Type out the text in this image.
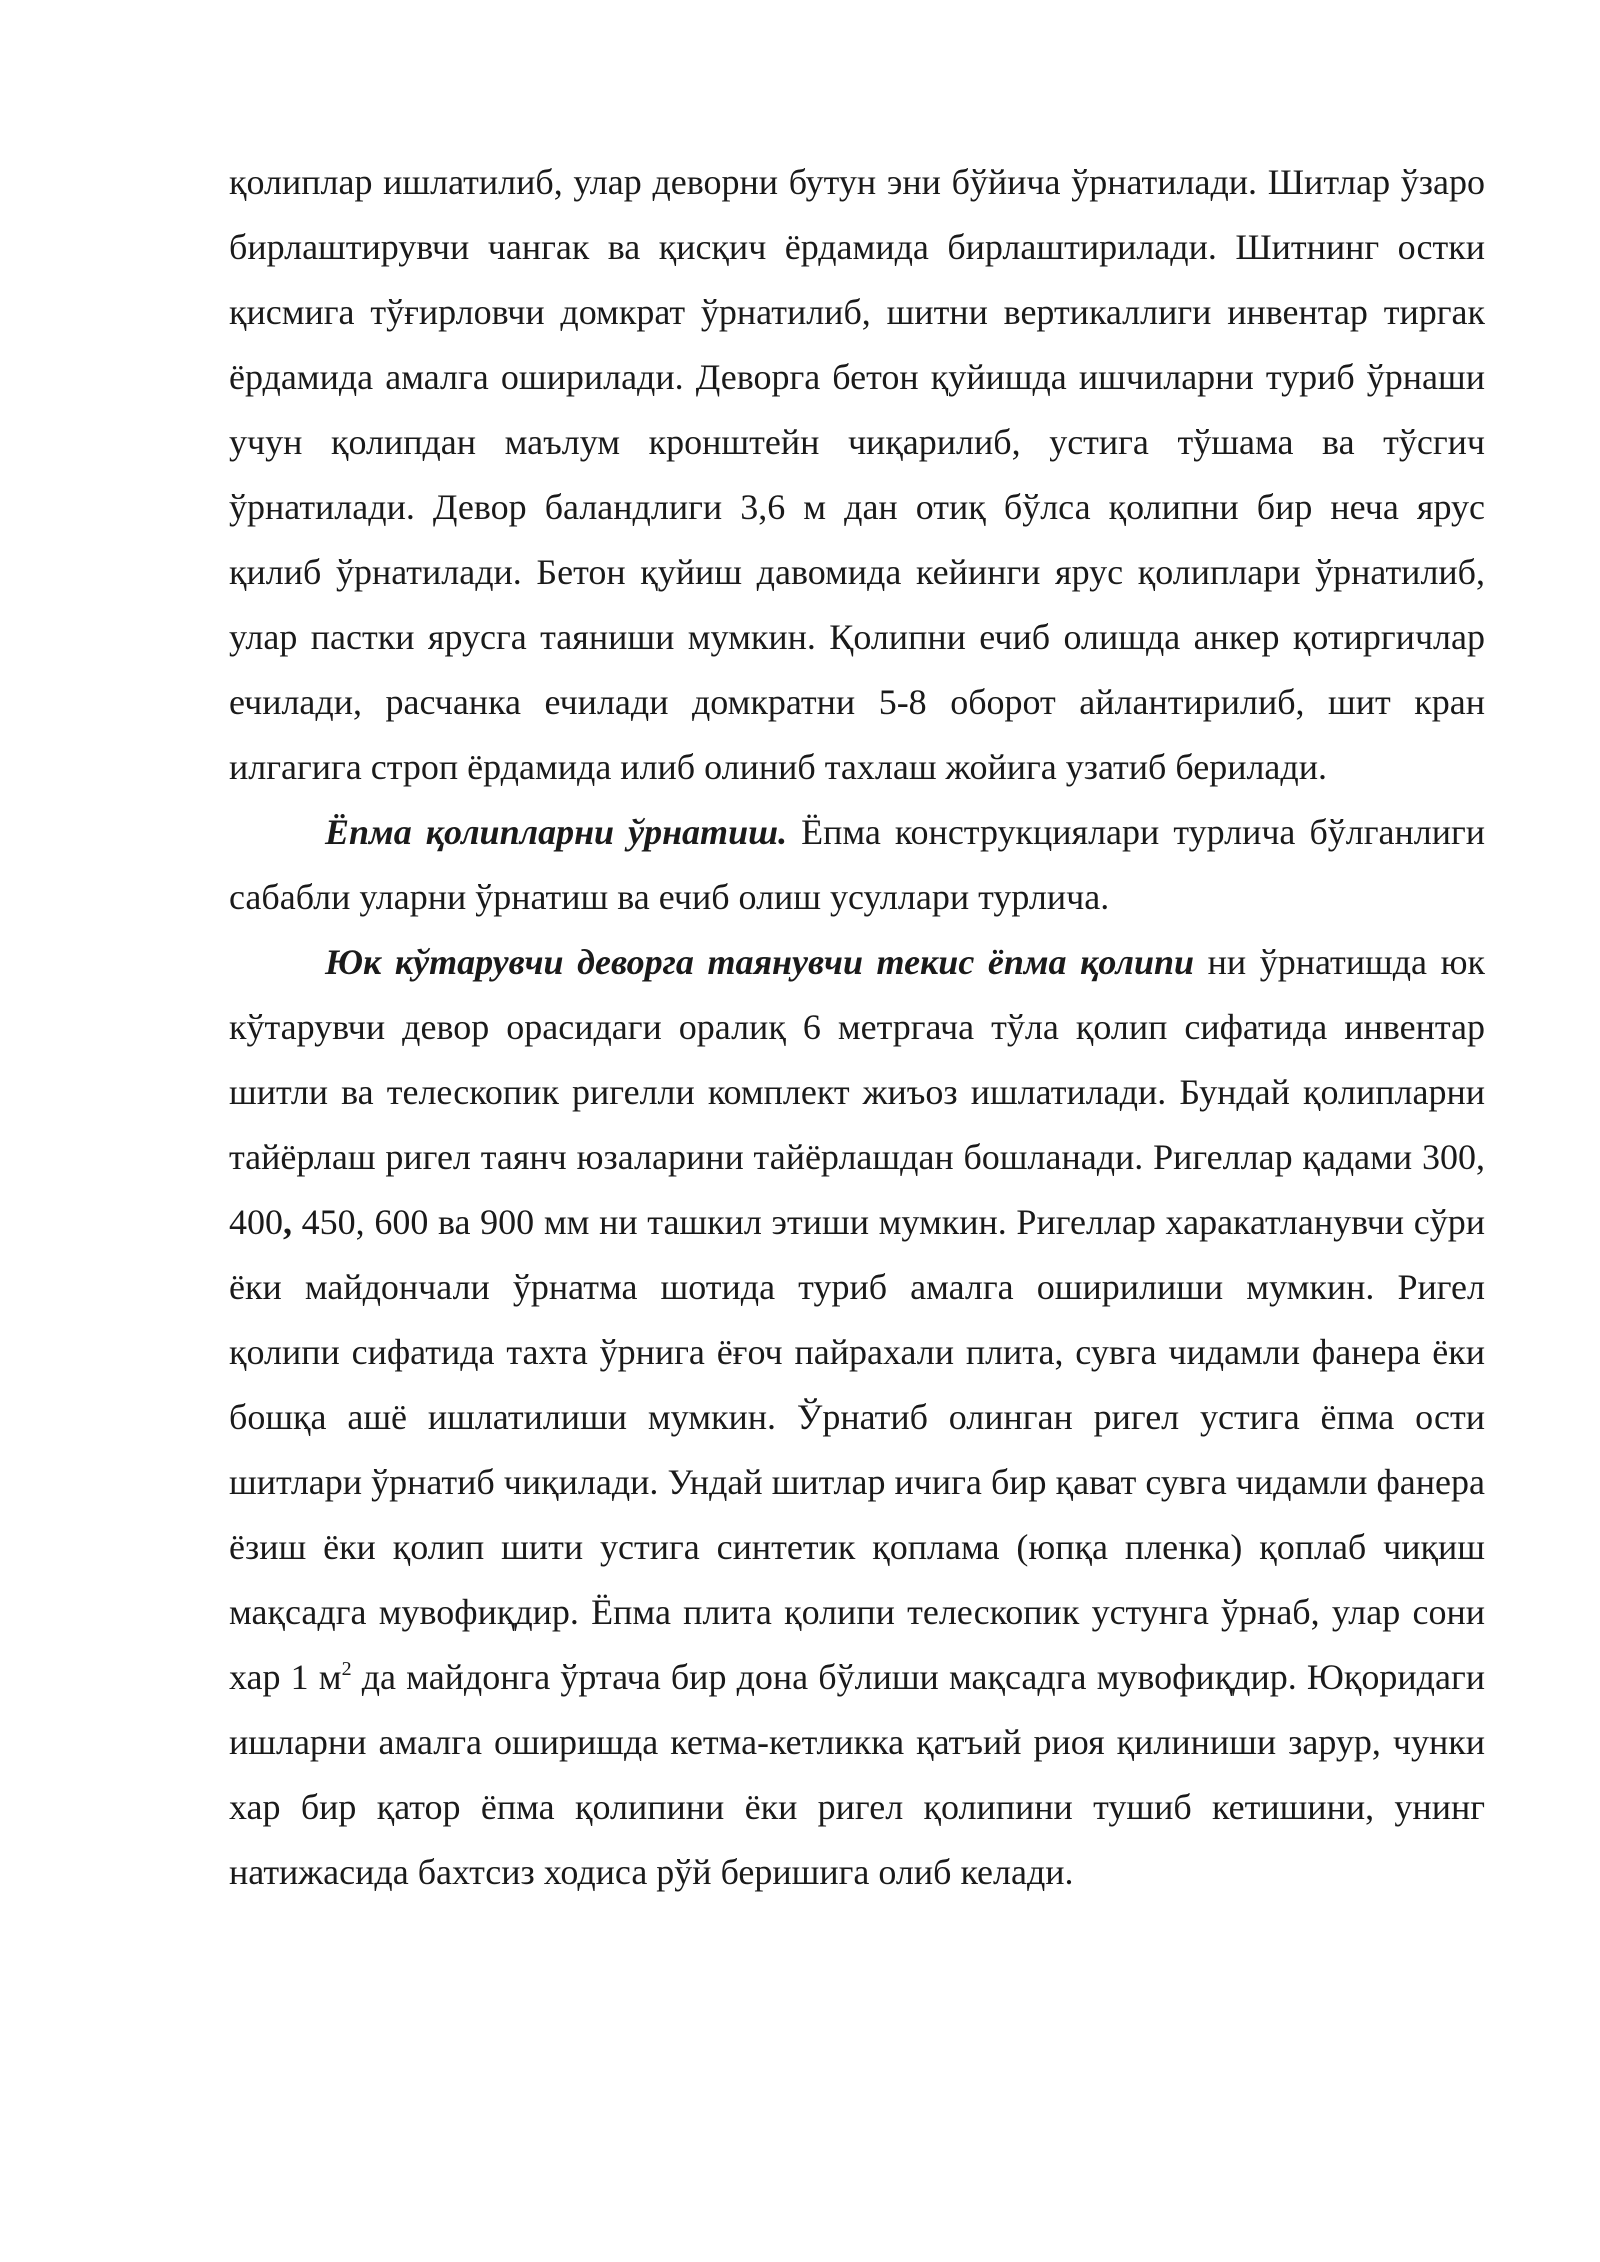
қолиплар ишлатилиб, улар деворни бутун эни бўйича ўрнатилади. Шитлар ўзаро бирлаштирувчи чангак ва қисқич ёрдамида бирлаштирилади. Шитнинг остки қисмига тўғирловчи домкрат ўрнатилиб, шитни вертикаллиги инвентар тиргак ёрдамида амалга оширилади. Деворга бетон қуйишда ишчиларни туриб ўрнаши учун қолипдан маълум кронштейн чиқарилиб, устига тўшама ва тўсгич ўрнатилади. Девор баландлиги 3,6 м дан отиқ бўлса қолипни бир неча ярус қилиб ўрнатилади. Бетон қуйиш давомида кейинги ярус қолиплари ўрнатилиб, улар пастки ярусга таяниши мумкин. Қолипни ечиб олишда анкер қотиргичлар ечилади, расчанка ечилади домкратни 5-8 оборот айлантирилиб, шит кран илгагига строп ёрдамида илиб олиниб тахлаш жойига узатиб берилади.

Ёпма қолипларни ўрнатиш. Ёпма конструкциялари турлича бўлганлиги сабабли уларни ўрнатиш ва ечиб олиш усуллари турлича.

Юк кўтарувчи деворга таянувчи текис ёпма қолипи ни ўрнатишда юк кўтарувчи девор орасидаги оралиқ 6 метргача тўла қолип сифатида инвентар шитли ва телескопик ригелли комплект жиъоз ишлатилади. Бундай қолипларни тайёрлаш ригел таянч юзаларини тайёрлашдан бошланади. Ригеллар қадами 300, 400, 450, 600 ва 900 мм ни ташкил этиши мумкин. Ригеллар харакатланувчи сўри ёки майдончали ўрнатма шотида туриб амалга оширилиши мумкин. Ригел қолипи сифатида тахта ўрнига ёғоч пайрахали плита, сувга чидамли фанера ёки бошқа ашё ишлатилиши мумкин. Ўрнатиб олинган ригел устига ёпма ости шитлари ўрнатиб чиқилади. Ундай шитлар ичига бир қават сувга чидамли фанера ёзиш ёки қолип шити устига синтетик қоплама (юпқа пленка) қоплаб чиқиш мақсадга мувофиқдир. Ёпма плита қолипи телескопик устунга ўрнаб, улар сони хар 1 $м^2$ да майдонга ўртача бир дона бўлиши мақсадга мувофиқдир. Юқоридаги ишларни амалга оширишда кетма-кетликка қатъий риоя қилиниши зарур, чунки хар бир қатор ёпма қолипини ёки ригел қолипини тушиб кетишини, унинг натижасида бахтсиз ходиса рўй беришига олиб келади.
